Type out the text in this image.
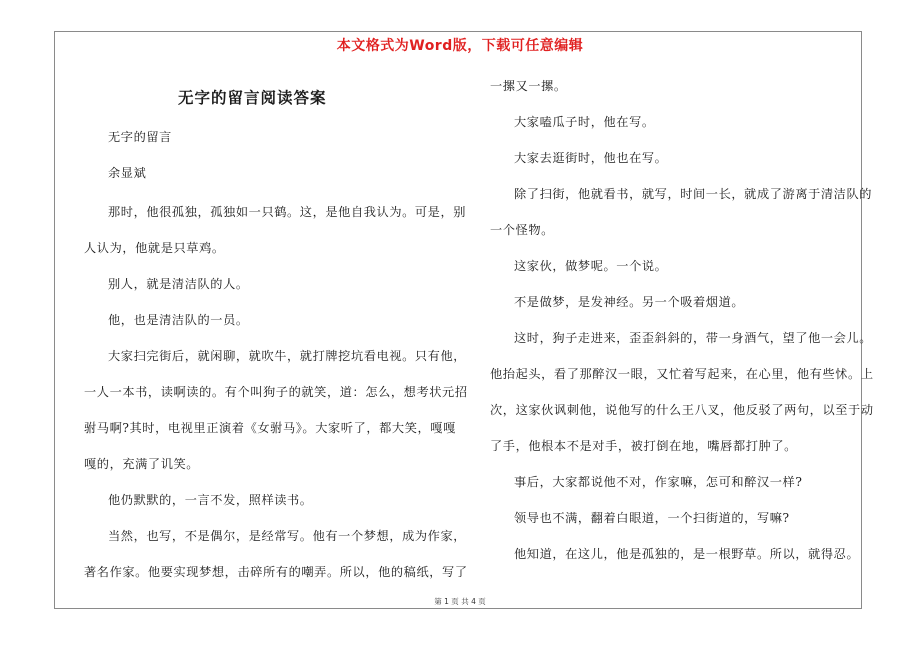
本文格式为Word版，下载可任意编辑
无字的留言阅读答案
无字的留言
余显斌
那时，他很孤独，孤独如一只鹤。这，是他自我认为。可是，别
人认为，他就是只草鸡。
别人，就是清洁队的人。
他，也是清洁队的一员。
大家扫完街后，就闲聊，就吹牛，就打牌挖坑看电视。只有他，
一人一本书，读啊读的。有个叫狗子的就笑，道：怎么，想考状元招
驸马啊?其时，电视里正演着《女驸马》。大家听了，都大笑，嘎嘎
嘎的，充满了讥笑。
他仍默默的，一言不发，照样读书。
当然，也写，不是偶尔，是经常写。他有一个梦想，成为作家，
著名作家。他要实现梦想，击碎所有的嘲弄。所以，他的稿纸，写了
一摞又一摞。
大家嗑瓜子时，他在写。
大家去逛街时，他也在写。
除了扫街，他就看书，就写，时间一长，就成了游离于清洁队的
一个怪物。
这家伙，做梦呢。一个说。
不是做梦，是发神经。另一个吸着烟道。
这时，狗子走进来，歪歪斜斜的，带一身酒气，望了他一会儿。
他抬起头，看了那醉汉一眼，又忙着写起来，在心里，他有些怵。上
次，这家伙讽刺他，说他写的什么王八叉，他反驳了两句，以至于动
了手，他根本不是对手，被打倒在地，嘴唇都打肿了。
事后，大家都说他不对，作家嘛，怎可和醉汉一样?
领导也不满，翻着白眼道，一个扫街道的，写嘛?
他知道，在这儿，他是孤独的，是一根野草。所以，就得忍。
第 1 页 共 4 页
